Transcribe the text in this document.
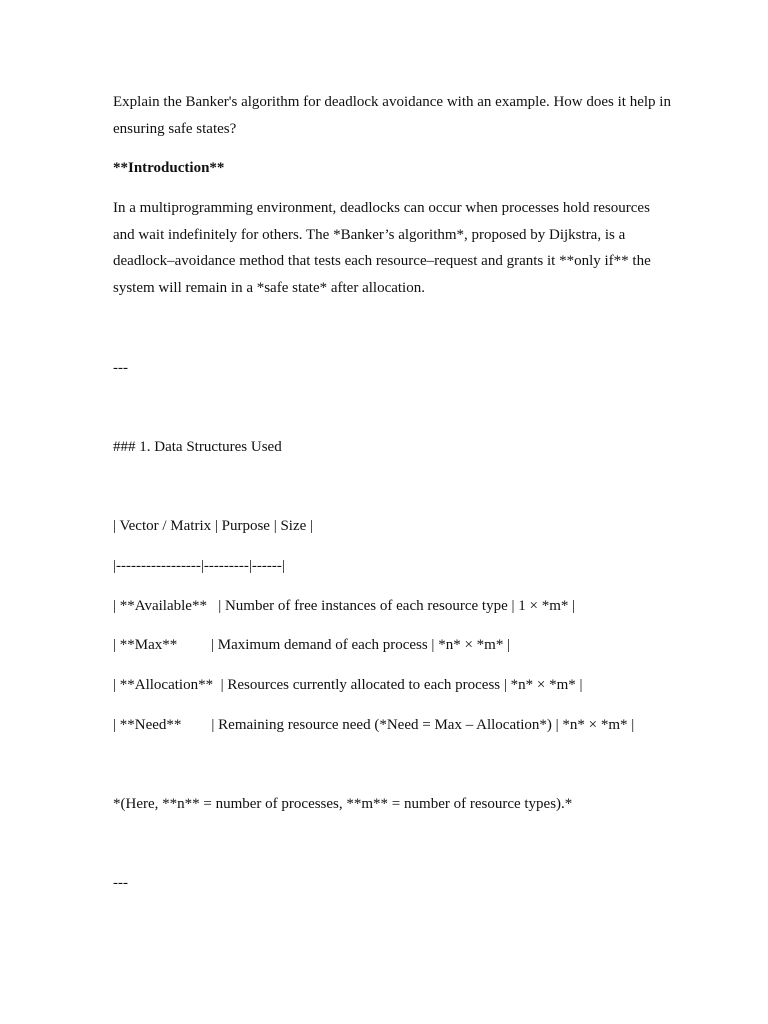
Explain the Banker's algorithm for deadlock avoidance with an example. How does it help in ensuring safe states?

**Introduction**

In a multiprogramming environment, deadlocks can occur when processes hold resources and wait indefinitely for others. The *Banker’s algorithm*, proposed by Dijkstra, is a deadlock–avoidance method that tests each resource–request and grants it **only if** the system will remain in a *safe state* after allocation.

---

### 1. Data Structures Used

| Vector / Matrix | Purpose | Size |

|-----------------|---------|------|

| **Available**   | Number of free instances of each resource type | 1 × *m* |

| **Max**         | Maximum demand of each process | *n* × *m* |

| **Allocation**  | Resources currently allocated to each process | *n* × *m* |

| **Need**        | Remaining resource need (*Need = Max – Allocation*) | *n* × *m* |

*(Here, **n** = number of processes, **m** = number of resource types).*

---
